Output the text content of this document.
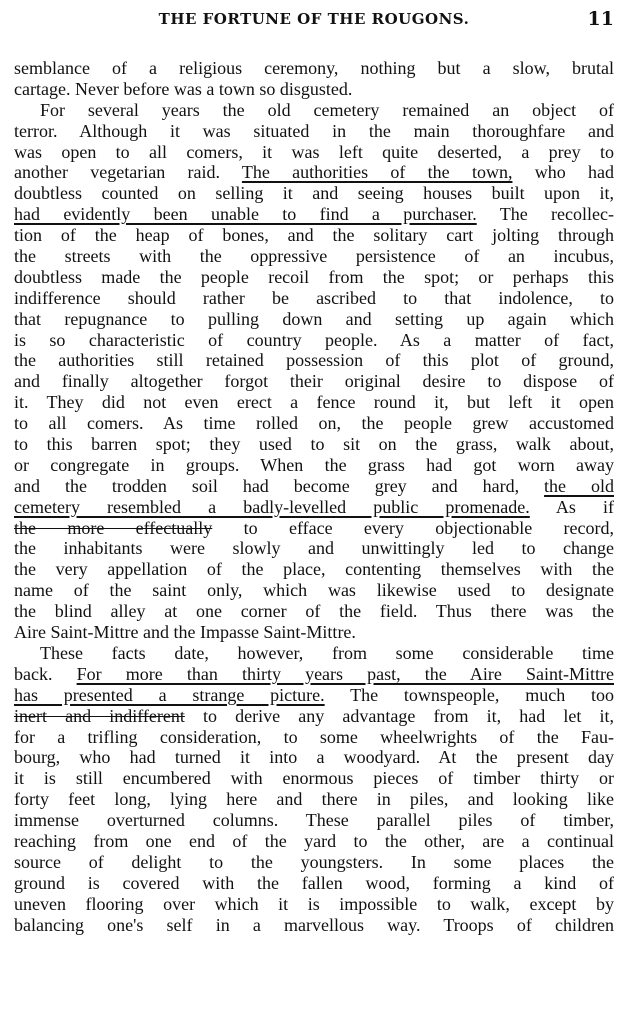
THE FORTUNE OF THE ROUGONS.	11
semblance of a religious ceremony, nothing but a slow, brutal
cartage. Never before was a town so disgusted.
For several years the old cemetery remained an object of
terror. Although it was situated in the main thoroughfare and
was open to all comers, it was left quite deserted, a prey to
another vegetarian raid. The authorities of the town, who had
doubtless counted on selling it and seeing houses built upon it,
had evidently been unable to find a purchaser. The recollec-
tion of the heap of bones, and the solitary cart jolting through
the streets with the oppressive persistence of an incubus,
doubtless made the people recoil from the spot; or perhaps this
indifference should rather be ascribed to that indolence, to
that repugnance to pulling down and setting up again which
is so characteristic of country people. As a matter of fact,
the authorities still retained possession of this plot of ground,
and finally altogether forgot their original desire to dispose of
it. They did not even erect a fence round it, but left it open
to all comers. As time rolled on, the people grew accustomed
to this barren spot; they used to sit on the grass, walk about,
or congregate in groups. When the grass had got worn away
and the trodden soil had become grey and hard, the old
cemetery resembled a badly-levelled public promenade. As if
the more effectually to efface every objectionable record,
the inhabitants were slowly and unwittingly led to change
the very appellation of the place, contenting themselves with the
name of the saint only, which was likewise used to designate
the blind alley at one corner of the field. Thus there was the
Aire Saint-Mittre and the Impasse Saint-Mittre.
These facts date, however, from some considerable time
back. For more than thirty years past, the Aire Saint-Mittre
has presented a strange picture. The townspeople, much too
inert and indifferent to derive any advantage from it, had let it,
for a trifling consideration, to some wheelwrights of the Fau-
bourg, who had turned it into a woodyard. At the present day
it is still encumbered with enormous pieces of timber thirty or
forty feet long, lying here and there in piles, and looking like
immense overturned columns. These parallel piles of timber,
reaching from one end of the yard to the other, are a continual
source of delight to the youngsters. In some places the
ground is covered with the fallen wood, forming a kind of
uneven flooring over which it is impossible to walk, except by
balancing one's self in a marvellous way. Troops of children
